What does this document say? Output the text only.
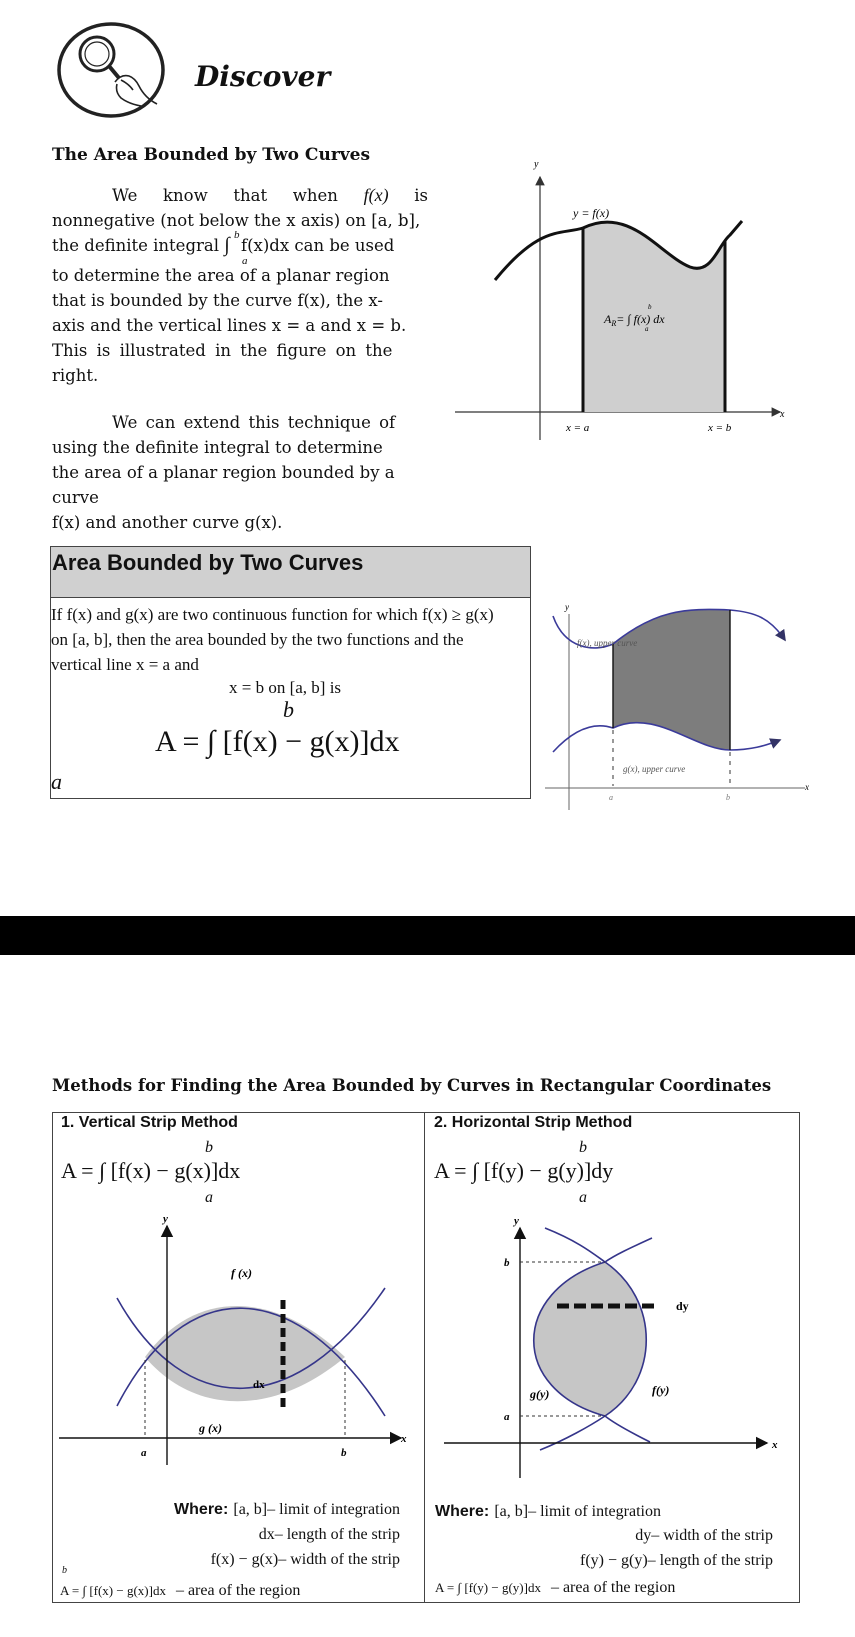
Discover
The Area Bounded by Two Curves
We know that when f(x) is
nonnegative (not below the x axis) on [a, b],
the definite integral ∫ b
a
f(x)dx can be used
to determine the area of a planar region
that is bounded by the curve f(x), the x-
axis and the vertical lines x = a and x = b.
This is illustrated in the figure on the
right.
We can extend this technique of
using the definite integral to determine
the area of a planar region bounded by a
curve
f(x) and another curve g(x).
y
x
y = f(x)
$A_R=$ ∫ f(x) dx
b
a
x = a	x = b
Area Bounded by Two Curves
If f(x) and g(x) are two continuous function for which f(x) ≥ g(x)
on [a, b], then the area bounded by the two functions and the
vertical line x = a and
x = b on [a, b] is
b
A = ∫ [f(x) − g(x)]dx
a
y
x
f(x), upper curve
g(x), upper curve
a	b
Methods for Finding the Area Bounded by Curves in Rectangular Coordinates
1. Vertical Strip Method
b
A = ∫ [f(x) − g(x)]dx
a
y
x
f (x)
g (x)
dx
a	b
Where: [a, b]– limit of integration
dx– length of the strip
f(x) − g(x)– width of the strip
b
A = ∫ [f(x) − g(x)]dx – area of the region
2. Horizontal Strip Method
b
A = ∫ [f(y) − g(y)]dy
a
y
x
dy
f(y)
g(y)
b
a
Where: [a, b]– limit of integration
dy– width of the strip
f(y) − g(y)– length of the strip
A = ∫ [f(y) − g(y)]dx – area of the region
